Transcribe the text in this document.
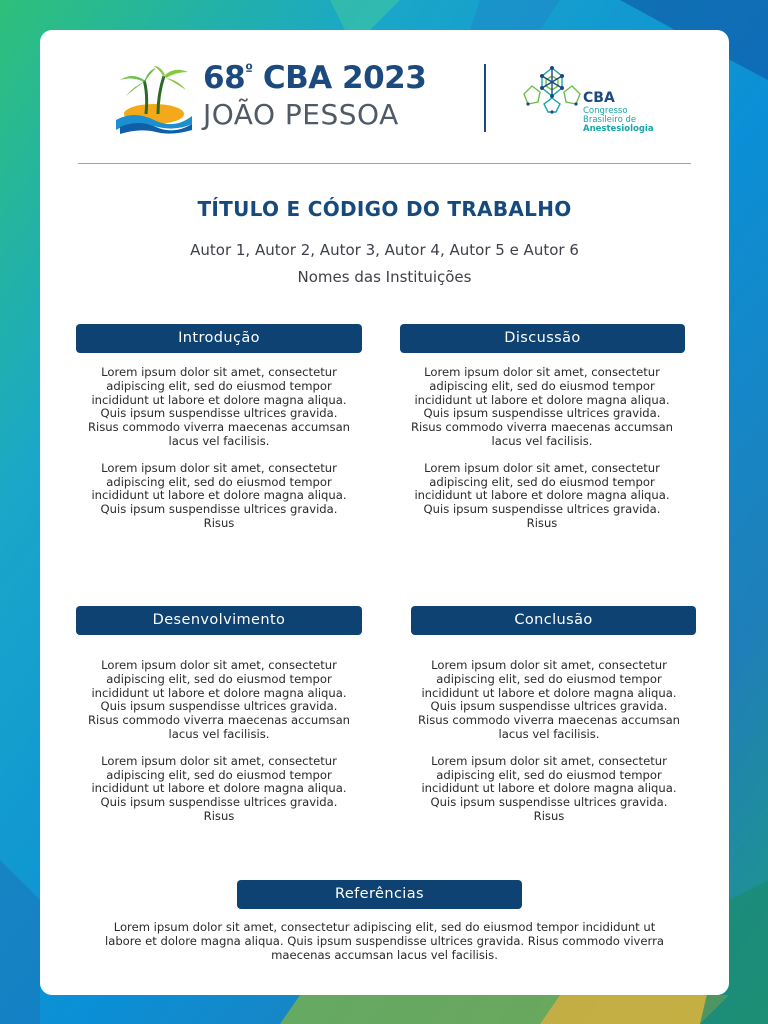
$68^º$ CBA 2023
JOÃO PESSOA	CBA
Congresso
Brasileiro de
Anestesiologia
TÍTULO E CÓDIGO DO TRABALHO
Autor 1, Autor 2, Autor 3, Autor 4, Autor 5 e Autor 6
Nomes das Instituições
Introdução

Lorem ipsum dolor sit amet, consectetur adipiscing elit, sed do eiusmod tempor incididunt ut labore et dolore magna aliqua. Quis ipsum suspendisse ultrices gravida. Risus commodo viverra maecenas accumsan lacus vel facilisis.

Lorem ipsum dolor sit amet, consectetur adipiscing elit, sed do eiusmod tempor incididunt ut labore et dolore magna aliqua. Quis ipsum suspendisse ultrices gravida. Risus

Discussão

Lorem ipsum dolor sit amet, consectetur adipiscing elit, sed do eiusmod tempor incididunt ut labore et dolore magna aliqua. Quis ipsum suspendisse ultrices gravida. Risus commodo viverra maecenas accumsan lacus vel facilisis.

Lorem ipsum dolor sit amet, consectetur adipiscing elit, sed do eiusmod tempor incididunt ut labore et dolore magna aliqua. Quis ipsum suspendisse ultrices gravida. Risus

Desenvolvimento

Lorem ipsum dolor sit amet, consectetur adipiscing elit, sed do eiusmod tempor incididunt ut labore et dolore magna aliqua. Quis ipsum suspendisse ultrices gravida. Risus commodo viverra maecenas accumsan lacus vel facilisis.

Lorem ipsum dolor sit amet, consectetur adipiscing elit, sed do eiusmod tempor incididunt ut labore et dolore magna aliqua. Quis ipsum suspendisse ultrices gravida. Risus

Conclusão

Lorem ipsum dolor sit amet, consectetur adipiscing elit, sed do eiusmod tempor incididunt ut labore et dolore magna aliqua. Quis ipsum suspendisse ultrices gravida. Risus commodo viverra maecenas accumsan lacus vel facilisis.

Lorem ipsum dolor sit amet, consectetur adipiscing elit, sed do eiusmod tempor incididunt ut labore et dolore magna aliqua. Quis ipsum suspendisse ultrices gravida. Risus

Referências
Lorem ipsum dolor sit amet, consectetur adipiscing elit, sed do eiusmod tempor incididunt ut labore et dolore magna aliqua. Quis ipsum suspendisse ultrices gravida. Risus commodo viverra maecenas accumsan lacus vel facilisis.
